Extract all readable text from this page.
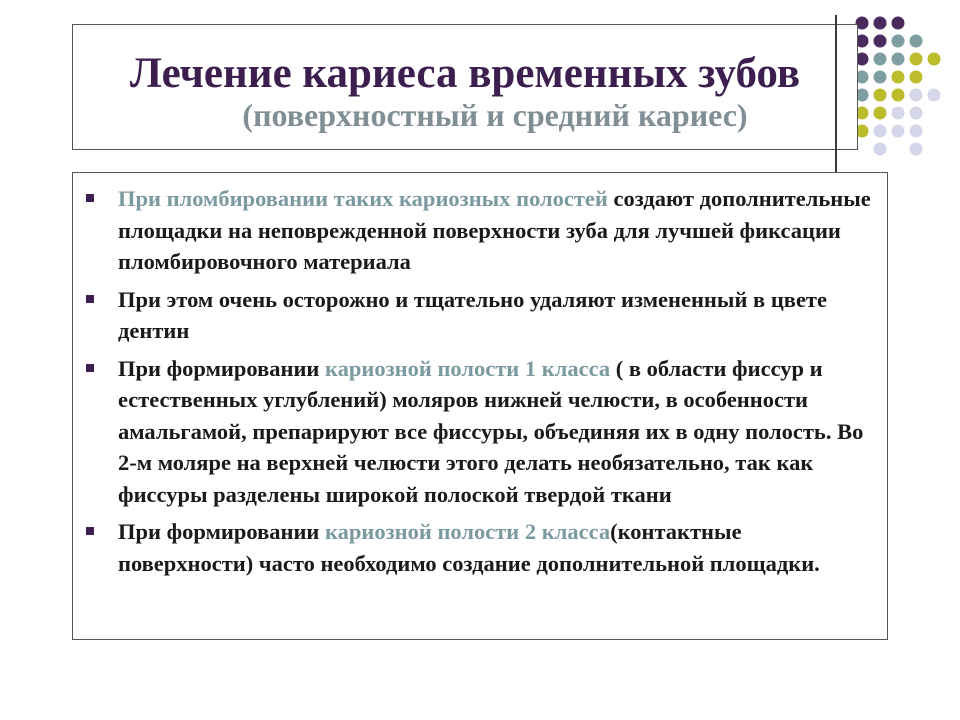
Лечение кариеса временных зубов
(поверхностный и средний кариес)
При пломбировании таких кариозных полостей создают дополнительные площадки на неповрежденной поверхности зуба для лучшей фиксации пломбировочного материала
При этом очень осторожно и тщательно удаляют измененный в цвете дентин
При формировании кариозной полости 1 класса ( в области фиссур и естественных углублений) моляров нижней челюсти, в особенности амальгамой, препарируют все фиссуры, объединяя их в одну полость. Во 2-м моляре на верхней челюсти этого делать необязательно, так как фиссуры разделены широкой полоской твердой ткани
При формировании кариозной полости 2 класса(контактные поверхности) часто необходимо создание дополнительной площадки.
